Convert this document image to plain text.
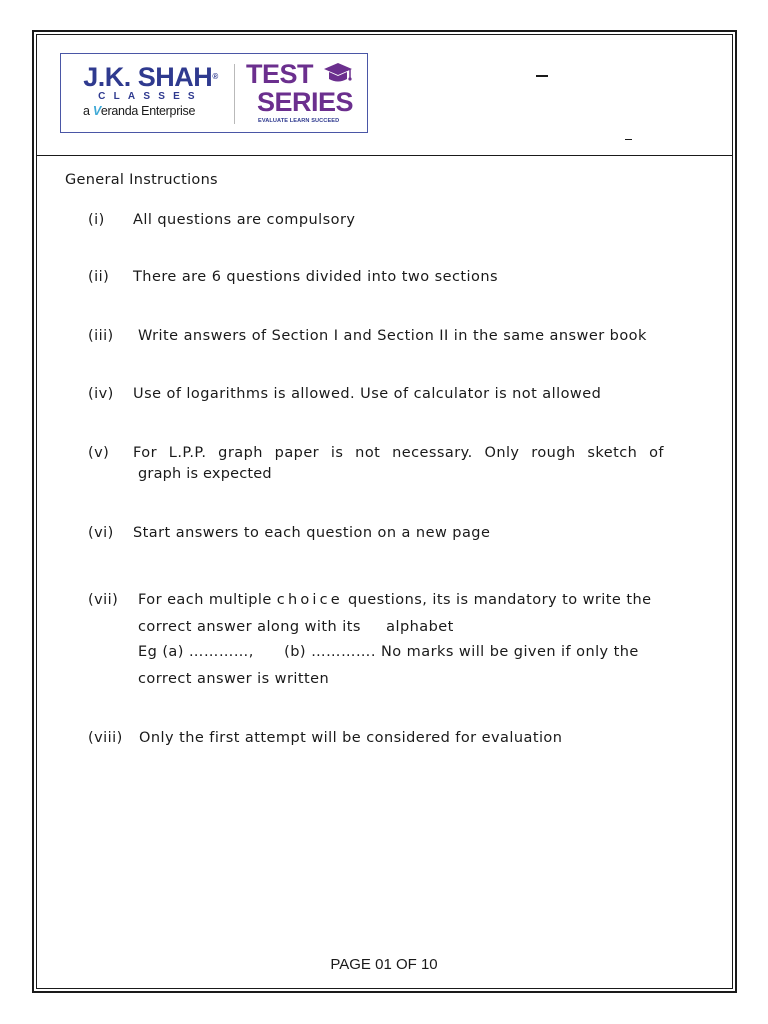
J.K. SHAH®
CLASSES
a Veranda Enterprise
TEST
SERIES
EVALUATE LEARN SUCCEED
General Instructions
(i) All questions are compulsory
(ii) There are 6 questions divided into two sections
(iii) Write answers of Section I and Section II in the same answer book
(iv) Use of logarithms is allowed. Use of calculator is not allowed
(v) For L.P.P. graph paper is not necessary. Only rough sketch of
graph is expected
(vi) Start answers to each question on a new page
(vii) For each multiple choice questions, its is mandatory to write the
correct answer along with its     alphabet
Eg (a) …………,      (b) …………. No marks will be given if only the
correct answer is written
(viii) Only the first attempt will be considered for evaluation
PAGE 01 OF 10
